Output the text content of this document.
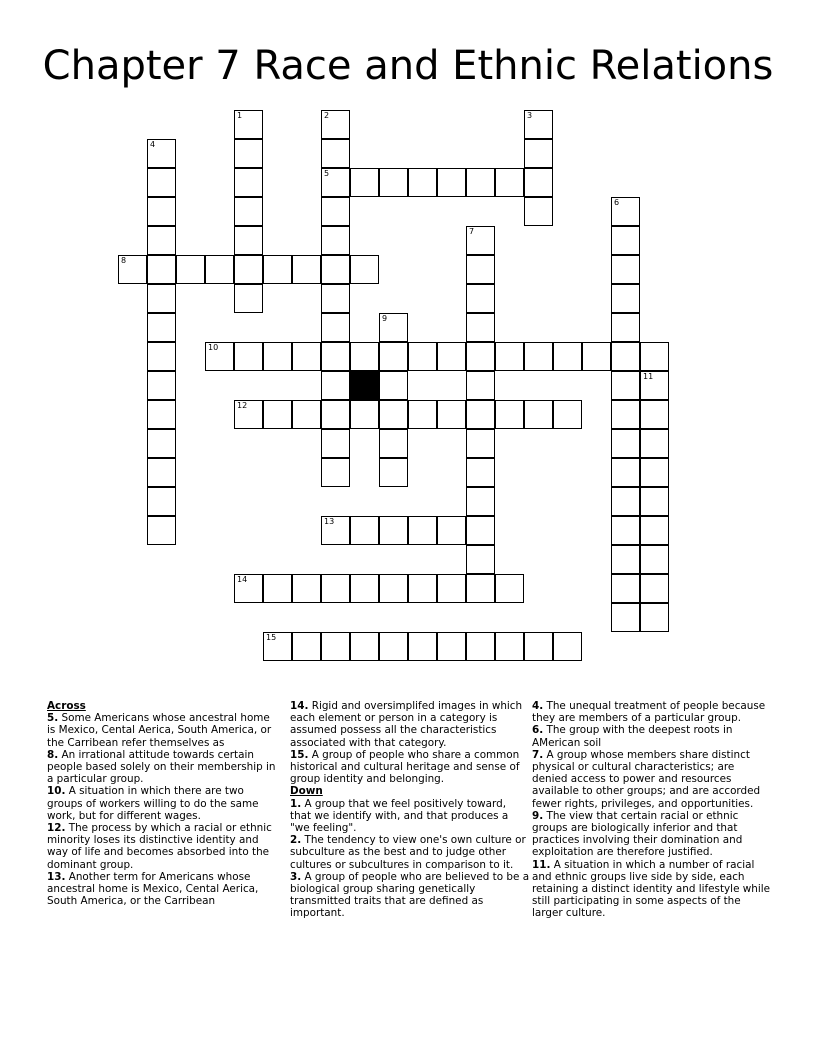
Chapter 7 Race and Ethnic Relations
1	2
5
13
3
4
6
7
8
9
10
11
12
14
15
Across
5. Some Americans whose ancestral home is Mexico, Cental Aerica, South America, or the Carribean refer themselves as
8. An irrational attitude towards certain people based solely on their membership in a particular group.
10. A situation in which there are two groups of workers willing to do the same work, but for different wages.
12. The process by which a racial or ethnic minority loses its distinctive identity and way of life and becomes absorbed into the dominant group.
13. Another term for Americans whose ancestral home is Mexico, Cental Aerica, South America, or the Carribean
14. Rigid and oversimplifed images in which each element or person in a category is assumed possess all the characteristics associated with that category.
15. A group of people who share a common historical and cultural heritage and sense of group identity and belonging.
Down
1. A group that we feel positively toward, that we identify with, and that produces a "we feeling".
2. The tendency to view one's own culture or subculture as the best and to judge other cultures or subcultures in comparison to it.
3. A group of people who are believed to be a biological group sharing genetically transmitted traits that are defined as important.
4. The unequal treatment of people because they are members of a particular group.
6. The group with the deepest roots in AMerican soil
7. A group whose members share distinct physical or cultural characteristics; are denied access to power and resources available to other groups; and are accorded fewer rights, privileges, and opportunities.
9. The view that certain racial or ethnic groups are biologically inferior and that practices involving their domination and exploitation are therefore justified.
11. A situation in which a number of racial and ethnic groups live side by side, each retaining a distinct identity and lifestyle while still participating in some aspects of the larger culture.
